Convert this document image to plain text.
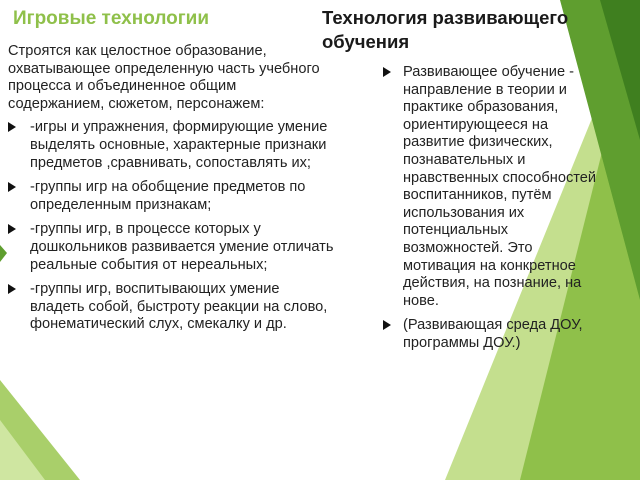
Игровые технологии	Технология развивающего обучения

Строятся как целостное образование, охватывающее определенную часть учебного процесса и объединенное общим содержанием, сюжетом, персонажем:

-игры и упражнения, формирующие умение выделять основные, характерные признаки предметов ,сравнивать, сопоставлять их;
-группы игр на обобщение предметов по определенным признакам;
-группы игр, в процессе которых у дошкольников развивается умение отличать реальные события от нереальных;
-группы игр, воспитывающих умение владеть собой, быстроту реакции на слово, фонематический слух, смекалку и др.
Развивающее обучение - направление в теории и практике образования, ориентирующееся на развитие физических, познавательных и нравственных способностей воспитанников, путём использования их потенциальных возможностей. Это мотивация на конкретное действия, на познание, на нове.
(Развивающая среда ДОУ, программы ДОУ.)
